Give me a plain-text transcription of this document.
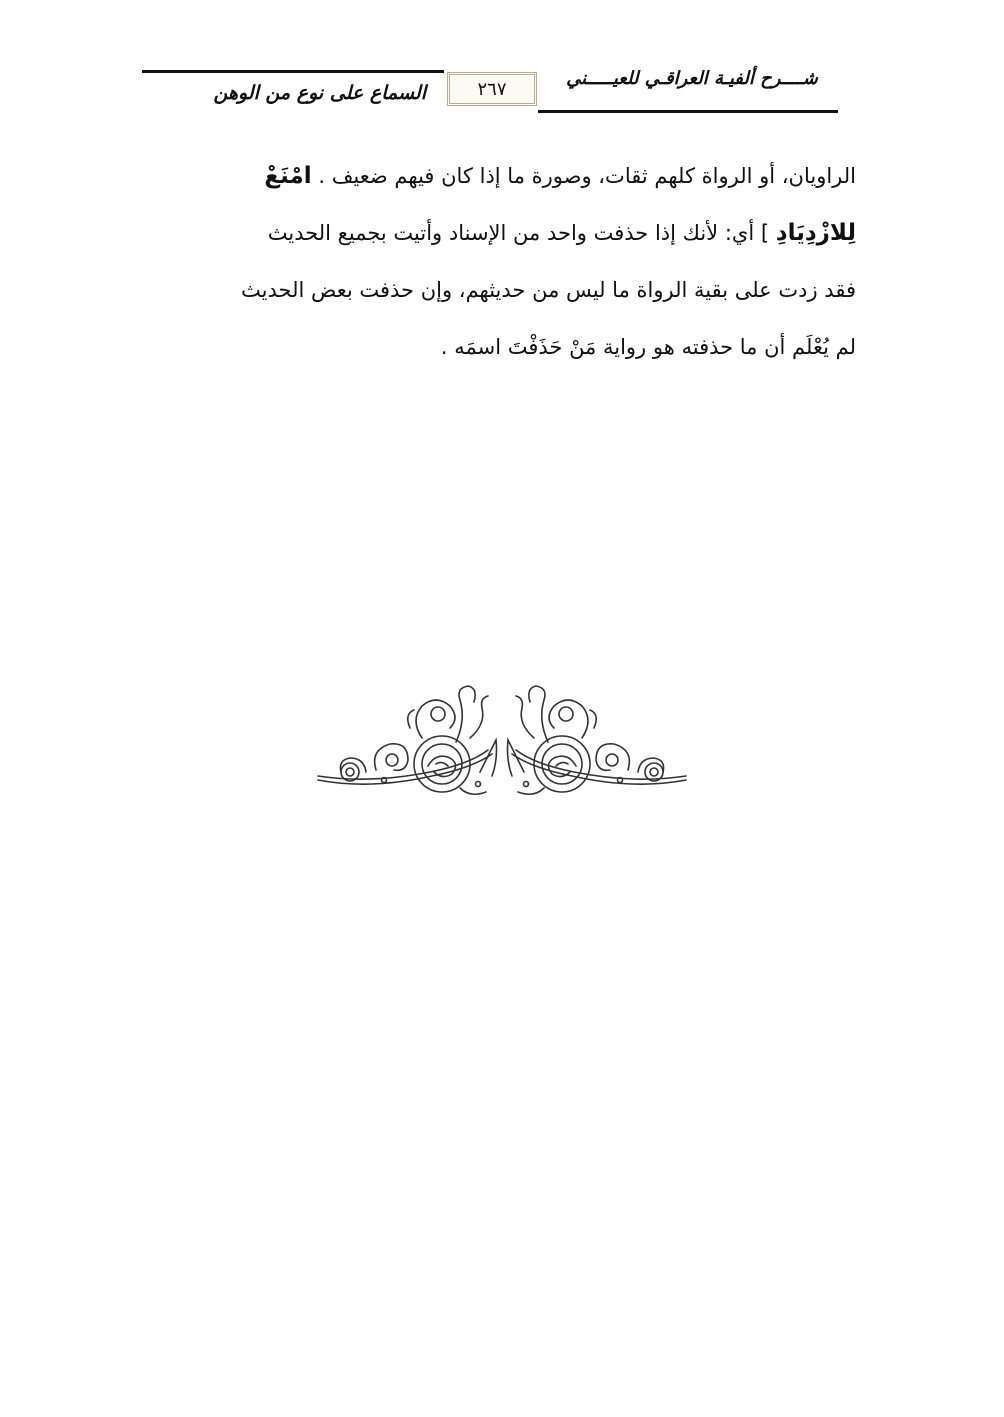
السماع على نوع من الوهن	٢٦٧	شــــرح ألفيـة العراقـي للعيـــــني
الراويان، أو الرواة كلهم ثقات، وصورة ما إذا كان فيهم ضعيف . امْنَعْ
لِلازْدِيَادِ ] أي: لأنك إذا حذفت واحد من الإسناد وأتيت بجميع الحديث
فقد زدت على بقية الرواة ما ليس من حديثهم، وإن حذفت بعض الحديث
لم يُعْلَم أن ما حذفته هو رواية مَنْ حَذَفْتَ اسمَه .
